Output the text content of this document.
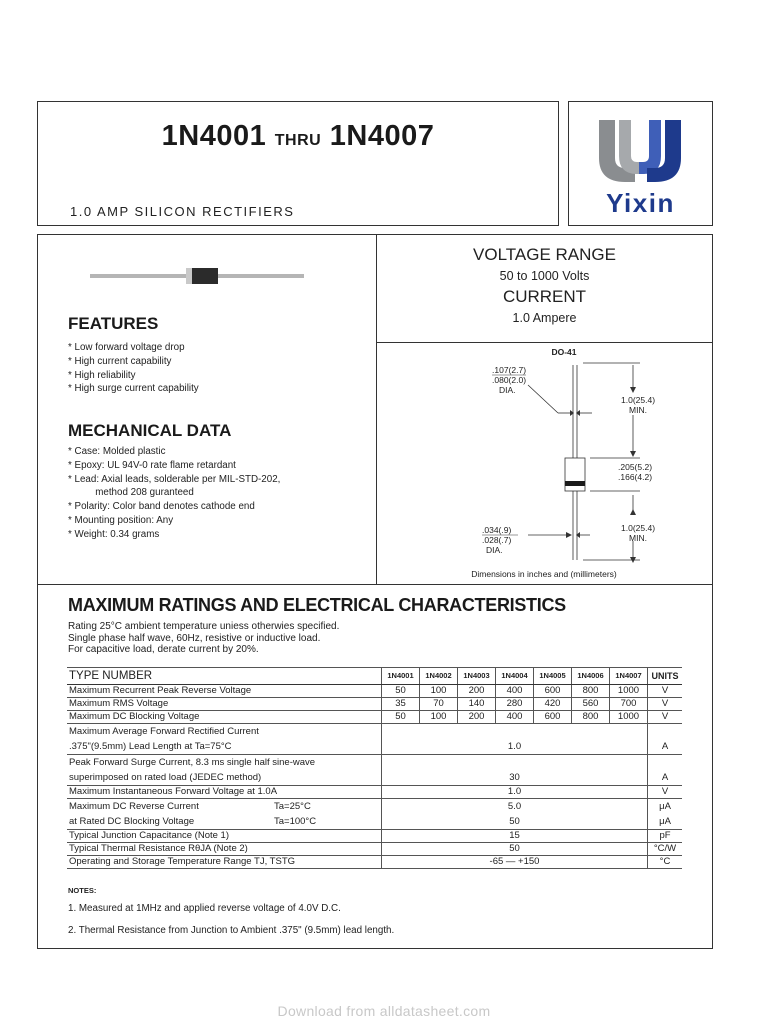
1N4001 THRU 1N4007
1.0 AMP SILICON RECTIFIERS	Yixin
FEATURES
* Low forward voltage drop
* High current capability
* High reliability
* High surge current capability
MECHANICAL DATA
* Case: Molded plastic
* Epoxy: UL 94V-0 rate flame retardant
* Lead: Axial leads, solderable per MIL-STD-202,
method 208 guranteed
* Polarity: Color band denotes cathode end
* Mounting position: Any
* Weight: 0.34 grams
VOLTAGE RANGE
50 to 1000 Volts
CURRENT
1.0 Ampere
DO-41
.107(2.7)
.080(2.0)
DIA.
1.0(25.4)
MIN.
.205(5.2)
.166(4.2)
1.0(25.4)
MIN.
.034(.9)
.028(.7)
DIA.
Dimensions in inches and (millimeters)
MAXIMUM RATINGS AND ELECTRICAL CHARACTERISTICS
Rating 25°C ambient temperature uniess otherwies specified.
Single phase half wave, 60Hz, resistive or inductive load.
For capacitive load, derate current by 20%.
TYPE NUMBER	1N4001	1N4002	1N4003	1N4004	1N4005	1N4006	1N4007	UNITS
Maximum Recurrent Peak Reverse Voltage	50	100	200	400	600	800	1000	V
Maximum RMS Voltage	35	70	140	280	420	560	700	V
Maximum DC Blocking Voltage	50	100	200	400	600	800	1000	V
Maximum Average Forward Rectified Current								
.375"(9.5mm) Lead Length at Ta=75°C	1.0							A
Peak Forward Surge Current, 8.3 ms single half sine-wave								
superimposed on rated load (JEDEC method)	30							A
Maximum Instantaneous Forward Voltage at 1.0A	1.0							V
Maximum DC Reverse Current Ta=25°C	5.0							μA
at Rated DC Blocking Voltage Ta=100°C	50							μA
Typical Junction Capacitance (Note 1)	15							pF
Typical Thermal Resistance RθJA (Note 2)	50							°C/W
Operating and Storage Temperature Range TJ, TSTG	-65 — +150							°C
NOTES:
1. Measured at 1MHz and applied reverse voltage of 4.0V D.C.
2. Thermal Resistance from Junction to Ambient .375" (9.5mm) lead length.
Download from alldatasheet.com
